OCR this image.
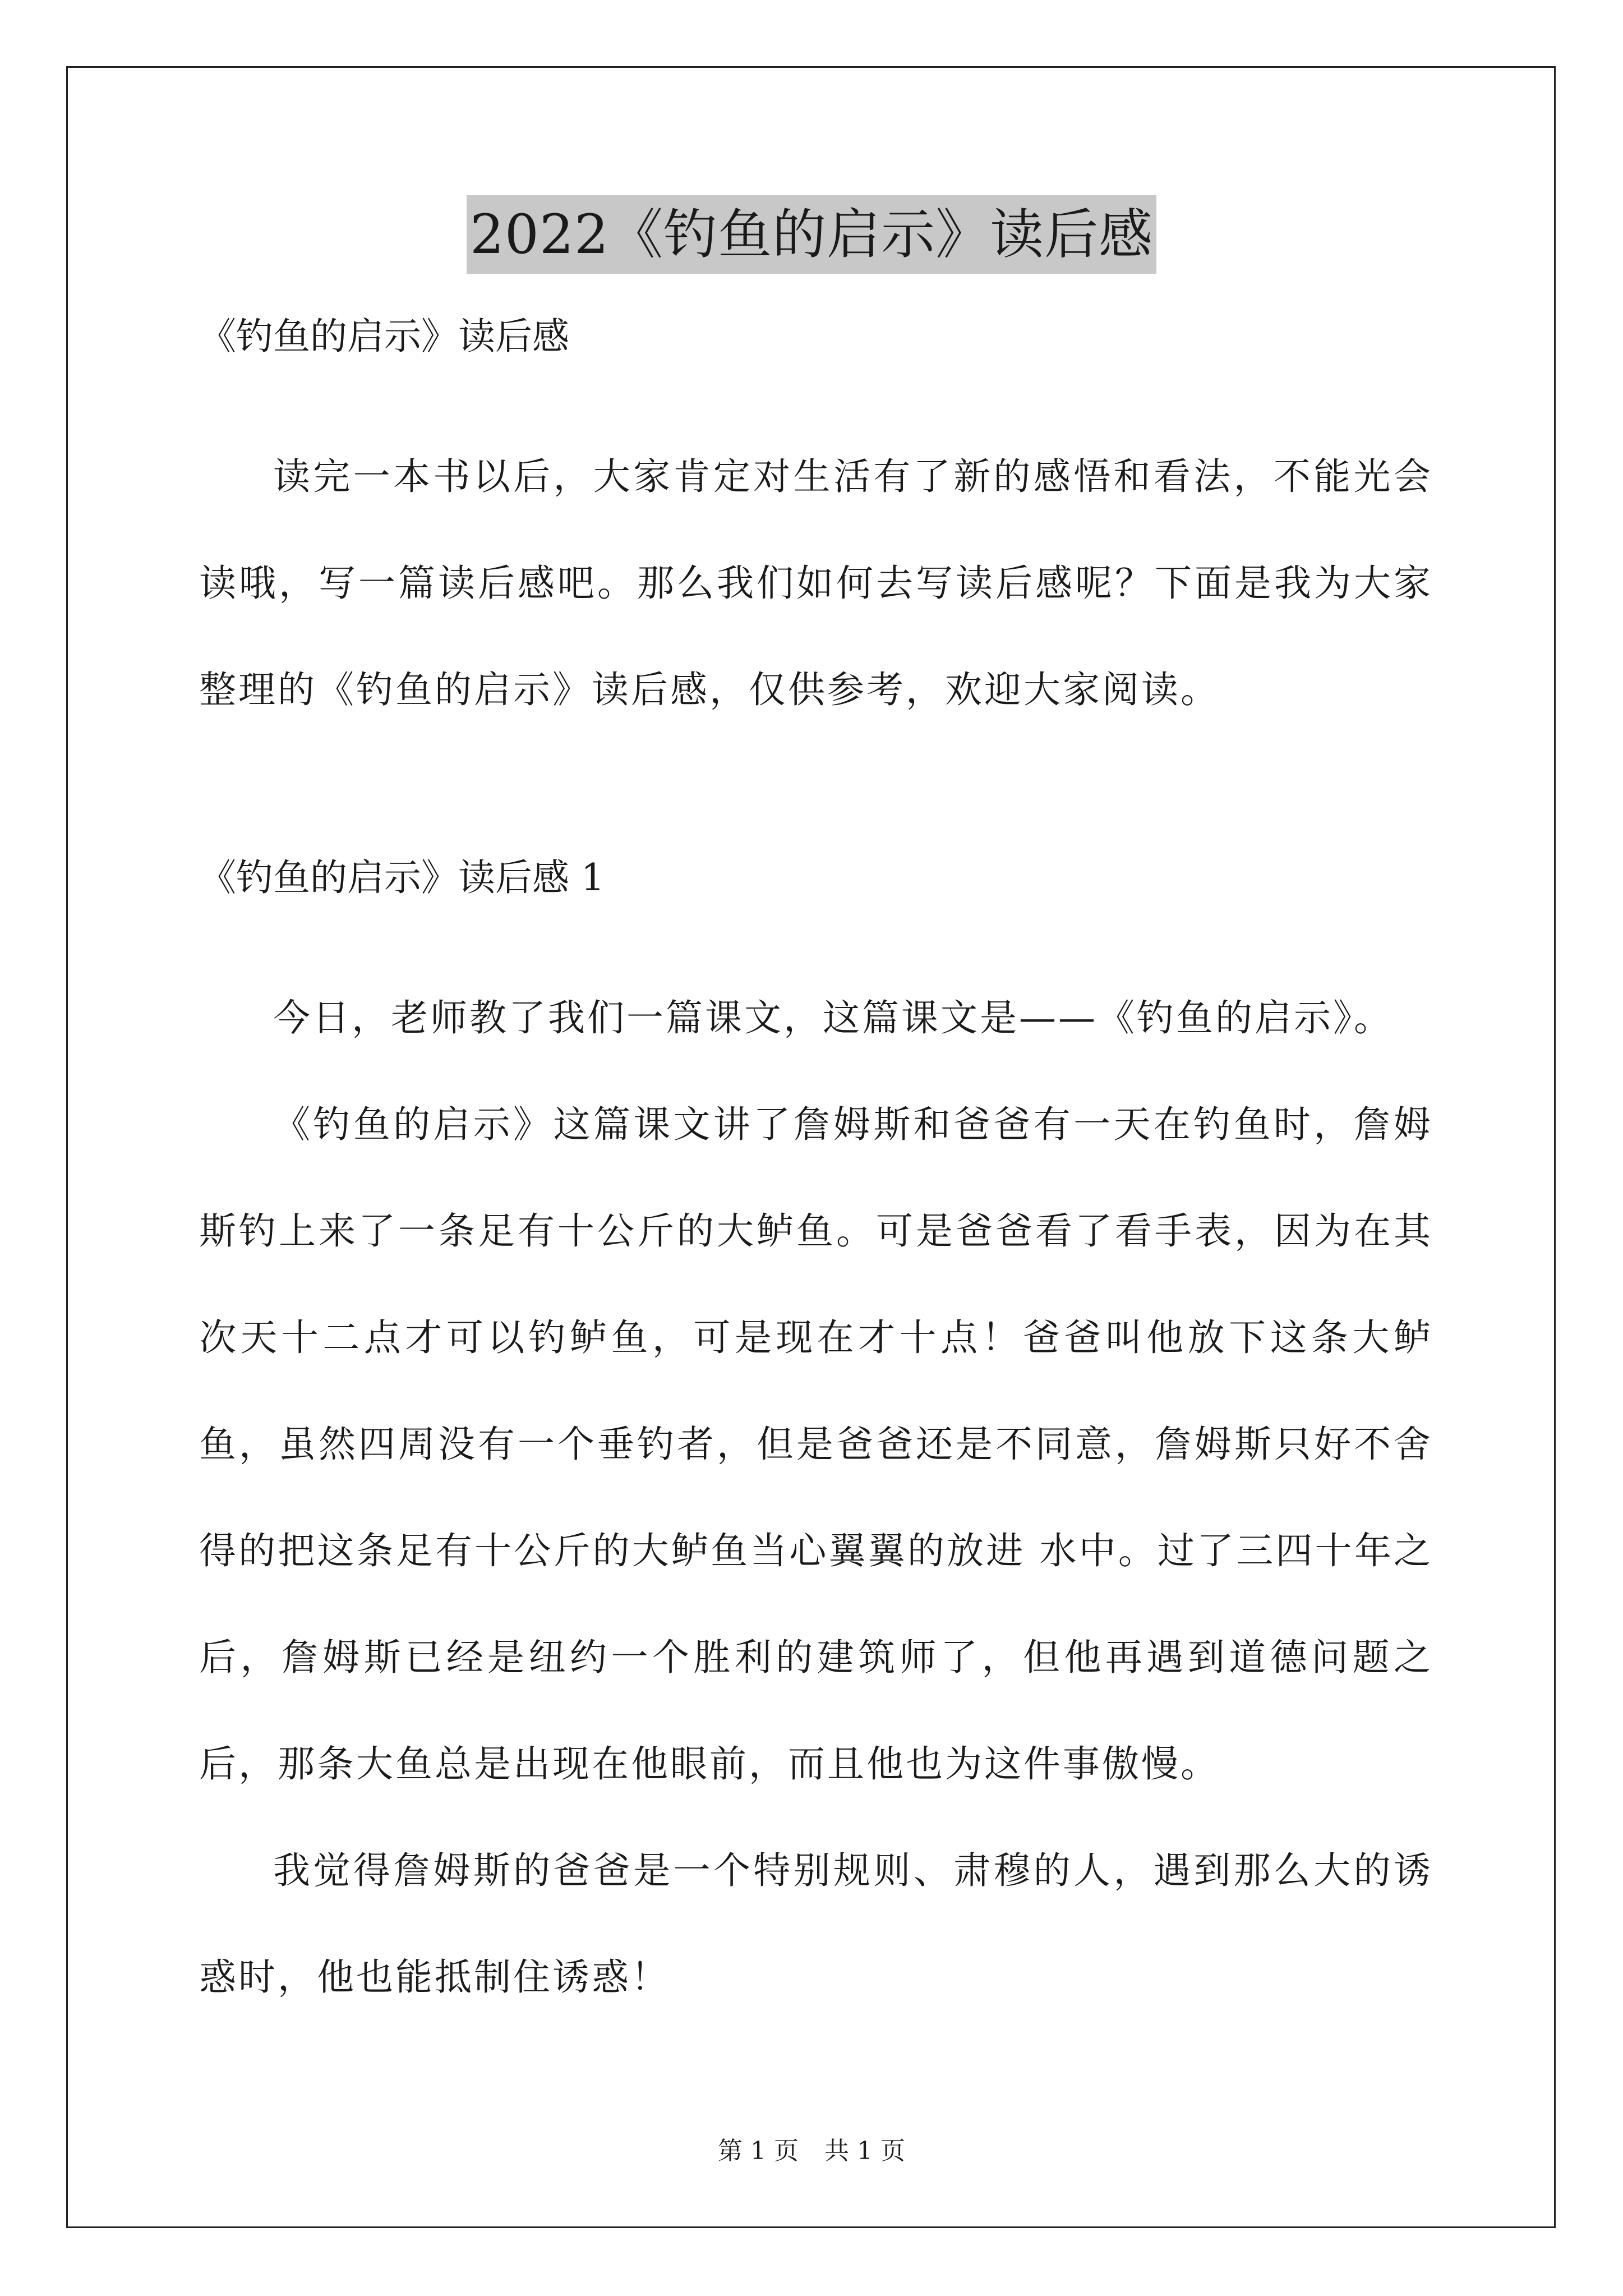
2022《钓鱼的启示》读后感

《钓鱼的启示》读后感

读完一本书以后，大家肯定对生活有了新的感悟和看法，不能光会读哦，写一篇读后感吧。那么我们如何去写读后感呢？下面是我为大家整理的《钓鱼的启示》读后感，仅供参考，欢迎大家阅读。

《钓鱼的启示》读后感 1

今日，老师教了我们一篇课文，这篇课文是——《钓鱼的启示》。

《钓鱼的启示》这篇课文讲了詹姆斯和爸爸有一天在钓鱼时，詹姆斯钓上来了一条足有十公斤的大鲈鱼。可是爸爸看了看手表，因为在其次天十二点才可以钓鲈鱼，可是现在才十点！爸爸叫他放下这条大鲈鱼，虽然四周没有一个垂钓者，但是爸爸还是不同意，詹姆斯只好不舍得的把这条足有十公斤的大鲈鱼当心翼翼的放进 水中。过了三四十年之后，詹姆斯已经是纽约一个胜利的建筑师了，但他再遇到道德问题之后，那条大鱼总是出现在他眼前，而且他也为这件事傲慢。

我觉得詹姆斯的爸爸是一个特别规则、肃穆的人，遇到那么大的诱惑时，他也能抵制住诱惑！

第 1 页 共 1 页
